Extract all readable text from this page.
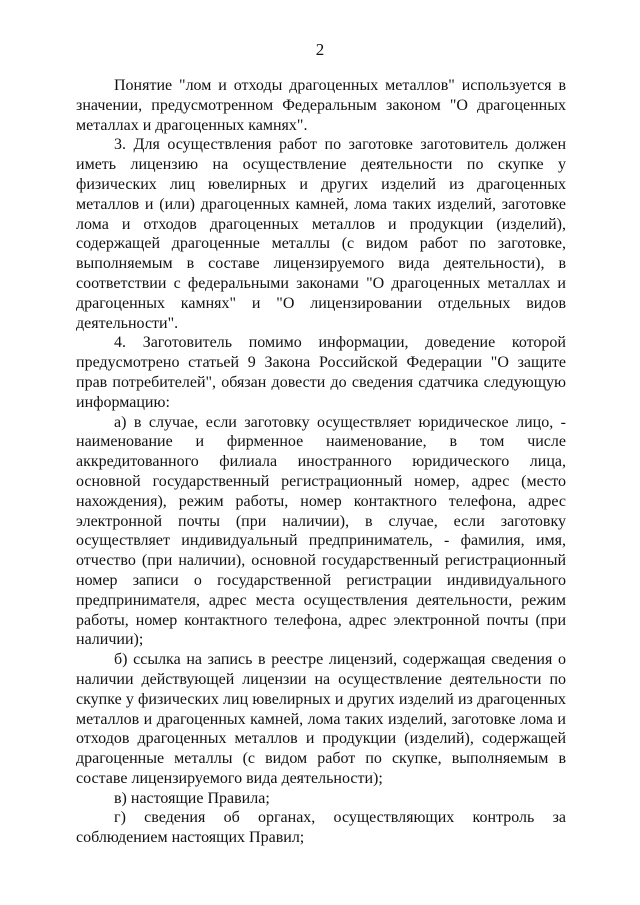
2

Понятие "лом и отходы драгоценных металлов" используется в значении, предусмотренном Федеральным законом "О драгоценных металлах и драгоценных камнях".

3. Для осуществления работ по заготовке заготовитель должен иметь лицензию на осуществление деятельности по скупке у физических лиц ювелирных и других изделий из драгоценных металлов и (или) драгоценных камней, лома таких изделий, заготовке лома и отходов драгоценных металлов и продукции (изделий), содержащей драгоценные металлы (с видом работ по заготовке, выполняемым в составе лицензируемого вида деятельности), в соответствии с федеральными законами "О драгоценных металлах и драгоценных камнях" и "О лицензировании отдельных видов деятельности".

4. Заготовитель помимо информации, доведение которой предусмотрено статьей 9 Закона Российской Федерации "О защите прав потребителей", обязан довести до сведения сдатчика следующую информацию:

а) в случае, если заготовку осуществляет юридическое лицо, - наименование и фирменное наименование, в том числе аккредитованного филиала иностранного юридического лица, основной государственный регистрационный номер, адрес (место нахождения), режим работы, номер контактного телефона, адрес электронной почты (при наличии), в случае, если заготовку осуществляет индивидуальный предприниматель, - фамилия, имя, отчество (при наличии), основной государственный регистрационный номер записи о государственной регистрации индивидуального предпринимателя, адрес места осуществления деятельности, режим работы, номер контактного телефона, адрес электронной почты (при наличии);

б) ссылка на запись в реестре лицензий, содержащая сведения о наличии действующей лицензии на осуществление деятельности по скупке у физических лиц ювелирных и других изделий из драгоценных металлов и драгоценных камней, лома таких изделий, заготовке лома и отходов драгоценных металлов и продукции (изделий), содержащей драгоценные металлы (с видом работ по скупке, выполняемым в составе лицензируемого вида деятельности);

в) настоящие Правила;

г) сведения об органах, осуществляющих контроль за соблюдением настоящих Правил;
